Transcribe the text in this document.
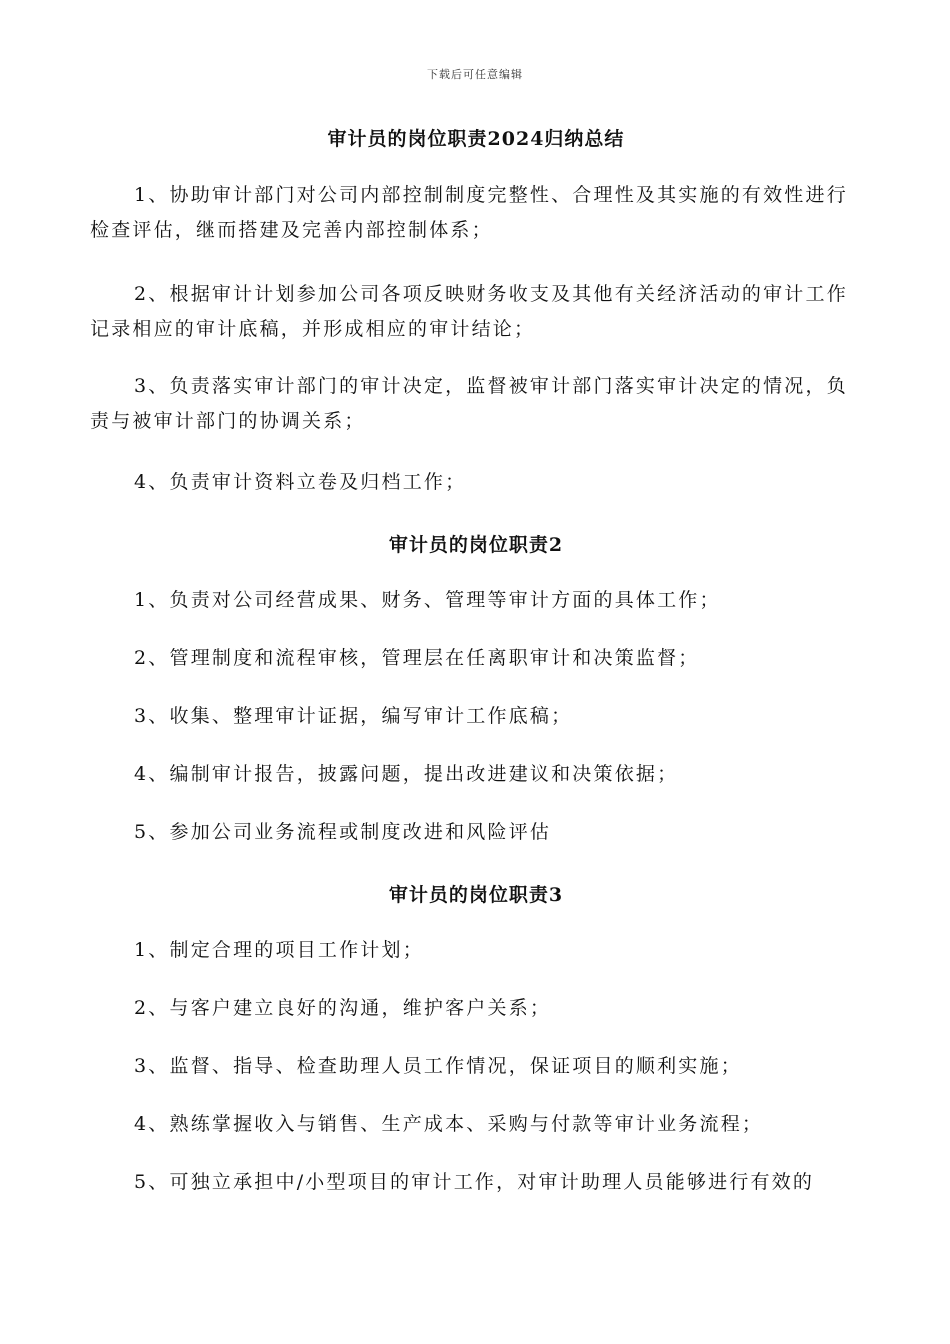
下载后可任意编辑
审计员的岗位职责2024归纳总结

1、协助审计部门对公司内部控制制度完整性、合理性及其实施的有效性进行检查评估，继而搭建及完善内部控制体系；

2、根据审计计划参加公司各项反映财务收支及其他有关经济活动的审计工作记录相应的审计底稿，并形成相应的审计结论；

3、负责落实审计部门的审计决定，监督被审计部门落实审计决定的情况，负责与被审计部门的协调关系；

4、负责审计资料立卷及归档工作；

审计员的岗位职责2

1、负责对公司经营成果、财务、管理等审计方面的具体工作；

2、管理制度和流程审核，管理层在任离职审计和决策监督；

3、收集、整理审计证据，编写审计工作底稿；

4、编制审计报告，披露问题，提出改进建议和决策依据；

5、参加公司业务流程或制度改进和风险评估

审计员的岗位职责3

1、制定合理的项目工作计划；

2、与客户建立良好的沟通，维护客户关系；

3、监督、指导、检查助理人员工作情况，保证项目的顺利实施；

4、熟练掌握收入与销售、生产成本、采购与付款等审计业务流程；

5、可独立承担中/小型项目的审计工作，对审计助理人员能够进行有效的
